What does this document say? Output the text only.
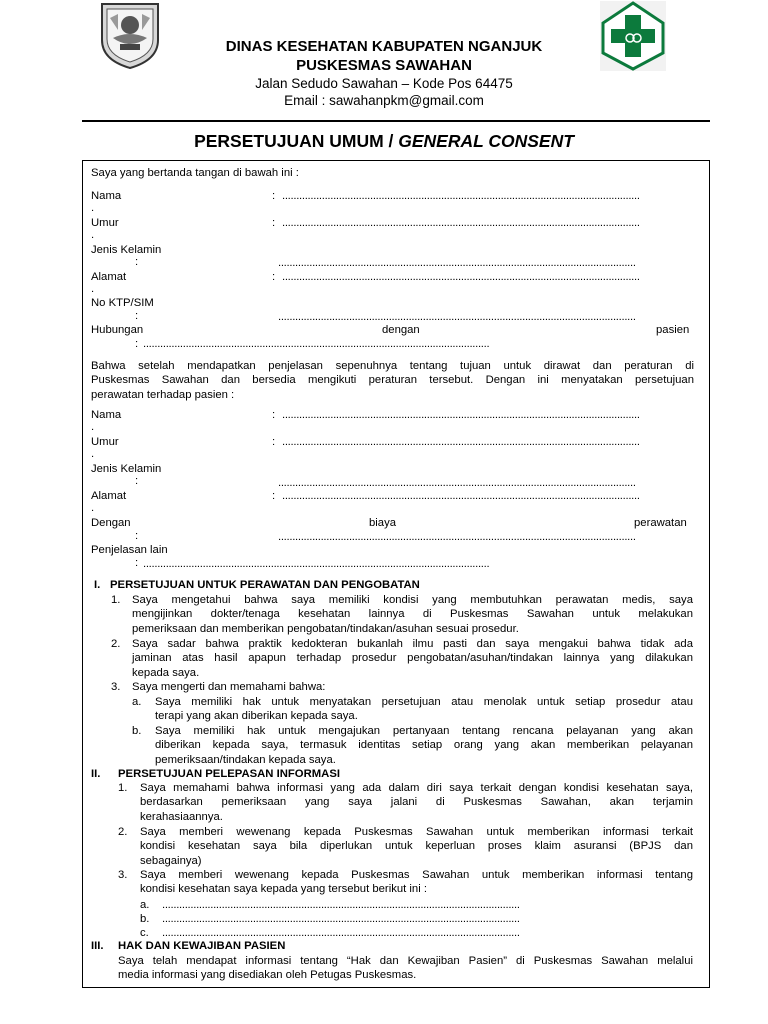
DINAS KESEHATAN KABUPATEN NGANJUK
PUSKESMAS SAWAHAN
Jalan Sedudo Sawahan – Kode Pos 64475
Email : sawahanpkm@gmail.com
PERSETUJUAN UMUM / GENERAL CONSENT
Saya yang bertanda tangan di bawah ini :
Nama	: ..............................................................................................................................
.
Umur	: ..............................................................................................................................
.
Jenis Kelamin
:	..............................................................................................................................
Alamat	: ..............................................................................................................................
.
No KTP/SIM
:	..............................................................................................................................
Hubungan	dengan	pasien
: ..........................................................................................................................
Bahwa setelah mendapatkan penjelasan sepenuhnya tentang tujuan untuk dirawat dan peraturan di
Puskesmas Sawahan dan bersedia mengikuti peraturan tersebut. Dengan ini menyatakan persetujuan
perawatan terhadap pasien :
Nama	: ..............................................................................................................................
.
Umur	: ..............................................................................................................................
.
Jenis Kelamin
:	..............................................................................................................................
Alamat	: ..............................................................................................................................
.
Dengan	biaya	perawatan
:	..............................................................................................................................
Penjelasan lain
: ..........................................................................................................................
I. PERSETUJUAN UNTUK PERAWATAN DAN PENGOBATAN
1. Saya mengetahui bahwa saya memiliki kondisi yang membutuhkan perawatan medis, saya
mengijinkan dokter/tenaga kesehatan lainnya di Puskesmas Sawahan untuk melakukan
pemeriksaan dan memberikan pengobatan/tindakan/asuhan sesuai prosedur.
2. Saya sadar bahwa praktik kedokteran bukanlah ilmu pasti dan saya mengakui bahwa tidak ada
jaminan atas hasil apapun terhadap prosedur pengobatan/asuhan/tindakan lainnya yang dilakukan
kepada saya.
3. Saya mengerti dan memahami bahwa:
a. Saya memiliki hak untuk menyatakan persetujuan atau menolak untuk setiap prosedur atau
terapi yang akan diberikan kepada saya.
b. Saya memiliki hak untuk mengajukan pertanyaan tentang rencana pelayanan yang akan
diberikan kepada saya, termasuk identitas setiap orang yang akan memberikan pelayanan
pemeriksaan/tindakan kepada saya.
II. PERSETUJUAN PELEPASAN INFORMASI
1. Saya memahami bahwa informasi yang ada dalam diri saya terkait dengan kondisi kesehatan saya,
berdasarkan pemeriksaan yang saya jalani di Puskesmas Sawahan, akan terjamin
kerahasiaannya.
2. Saya memberi wewenang kepada Puskesmas Sawahan untuk memberikan informasi terkait
kondisi kesehatan saya bila diperlukan untuk keperluan proses klaim asuransi (BPJS dan
sebagainya)
3. Saya memberi wewenang kepada Puskesmas Sawahan untuk memberikan informasi tentang
kondisi kesehatan saya kepada yang tersebut berikut ini :
a. ..............................................................................................................................
b. ..............................................................................................................................
c. ..............................................................................................................................
III. HAK DAN KEWAJIBAN PASIEN
Saya telah mendapat informasi tentang “Hak dan Kewajiban Pasien” di Puskesmas Sawahan melalui
media informasi yang disediakan oleh Petugas Puskesmas.
